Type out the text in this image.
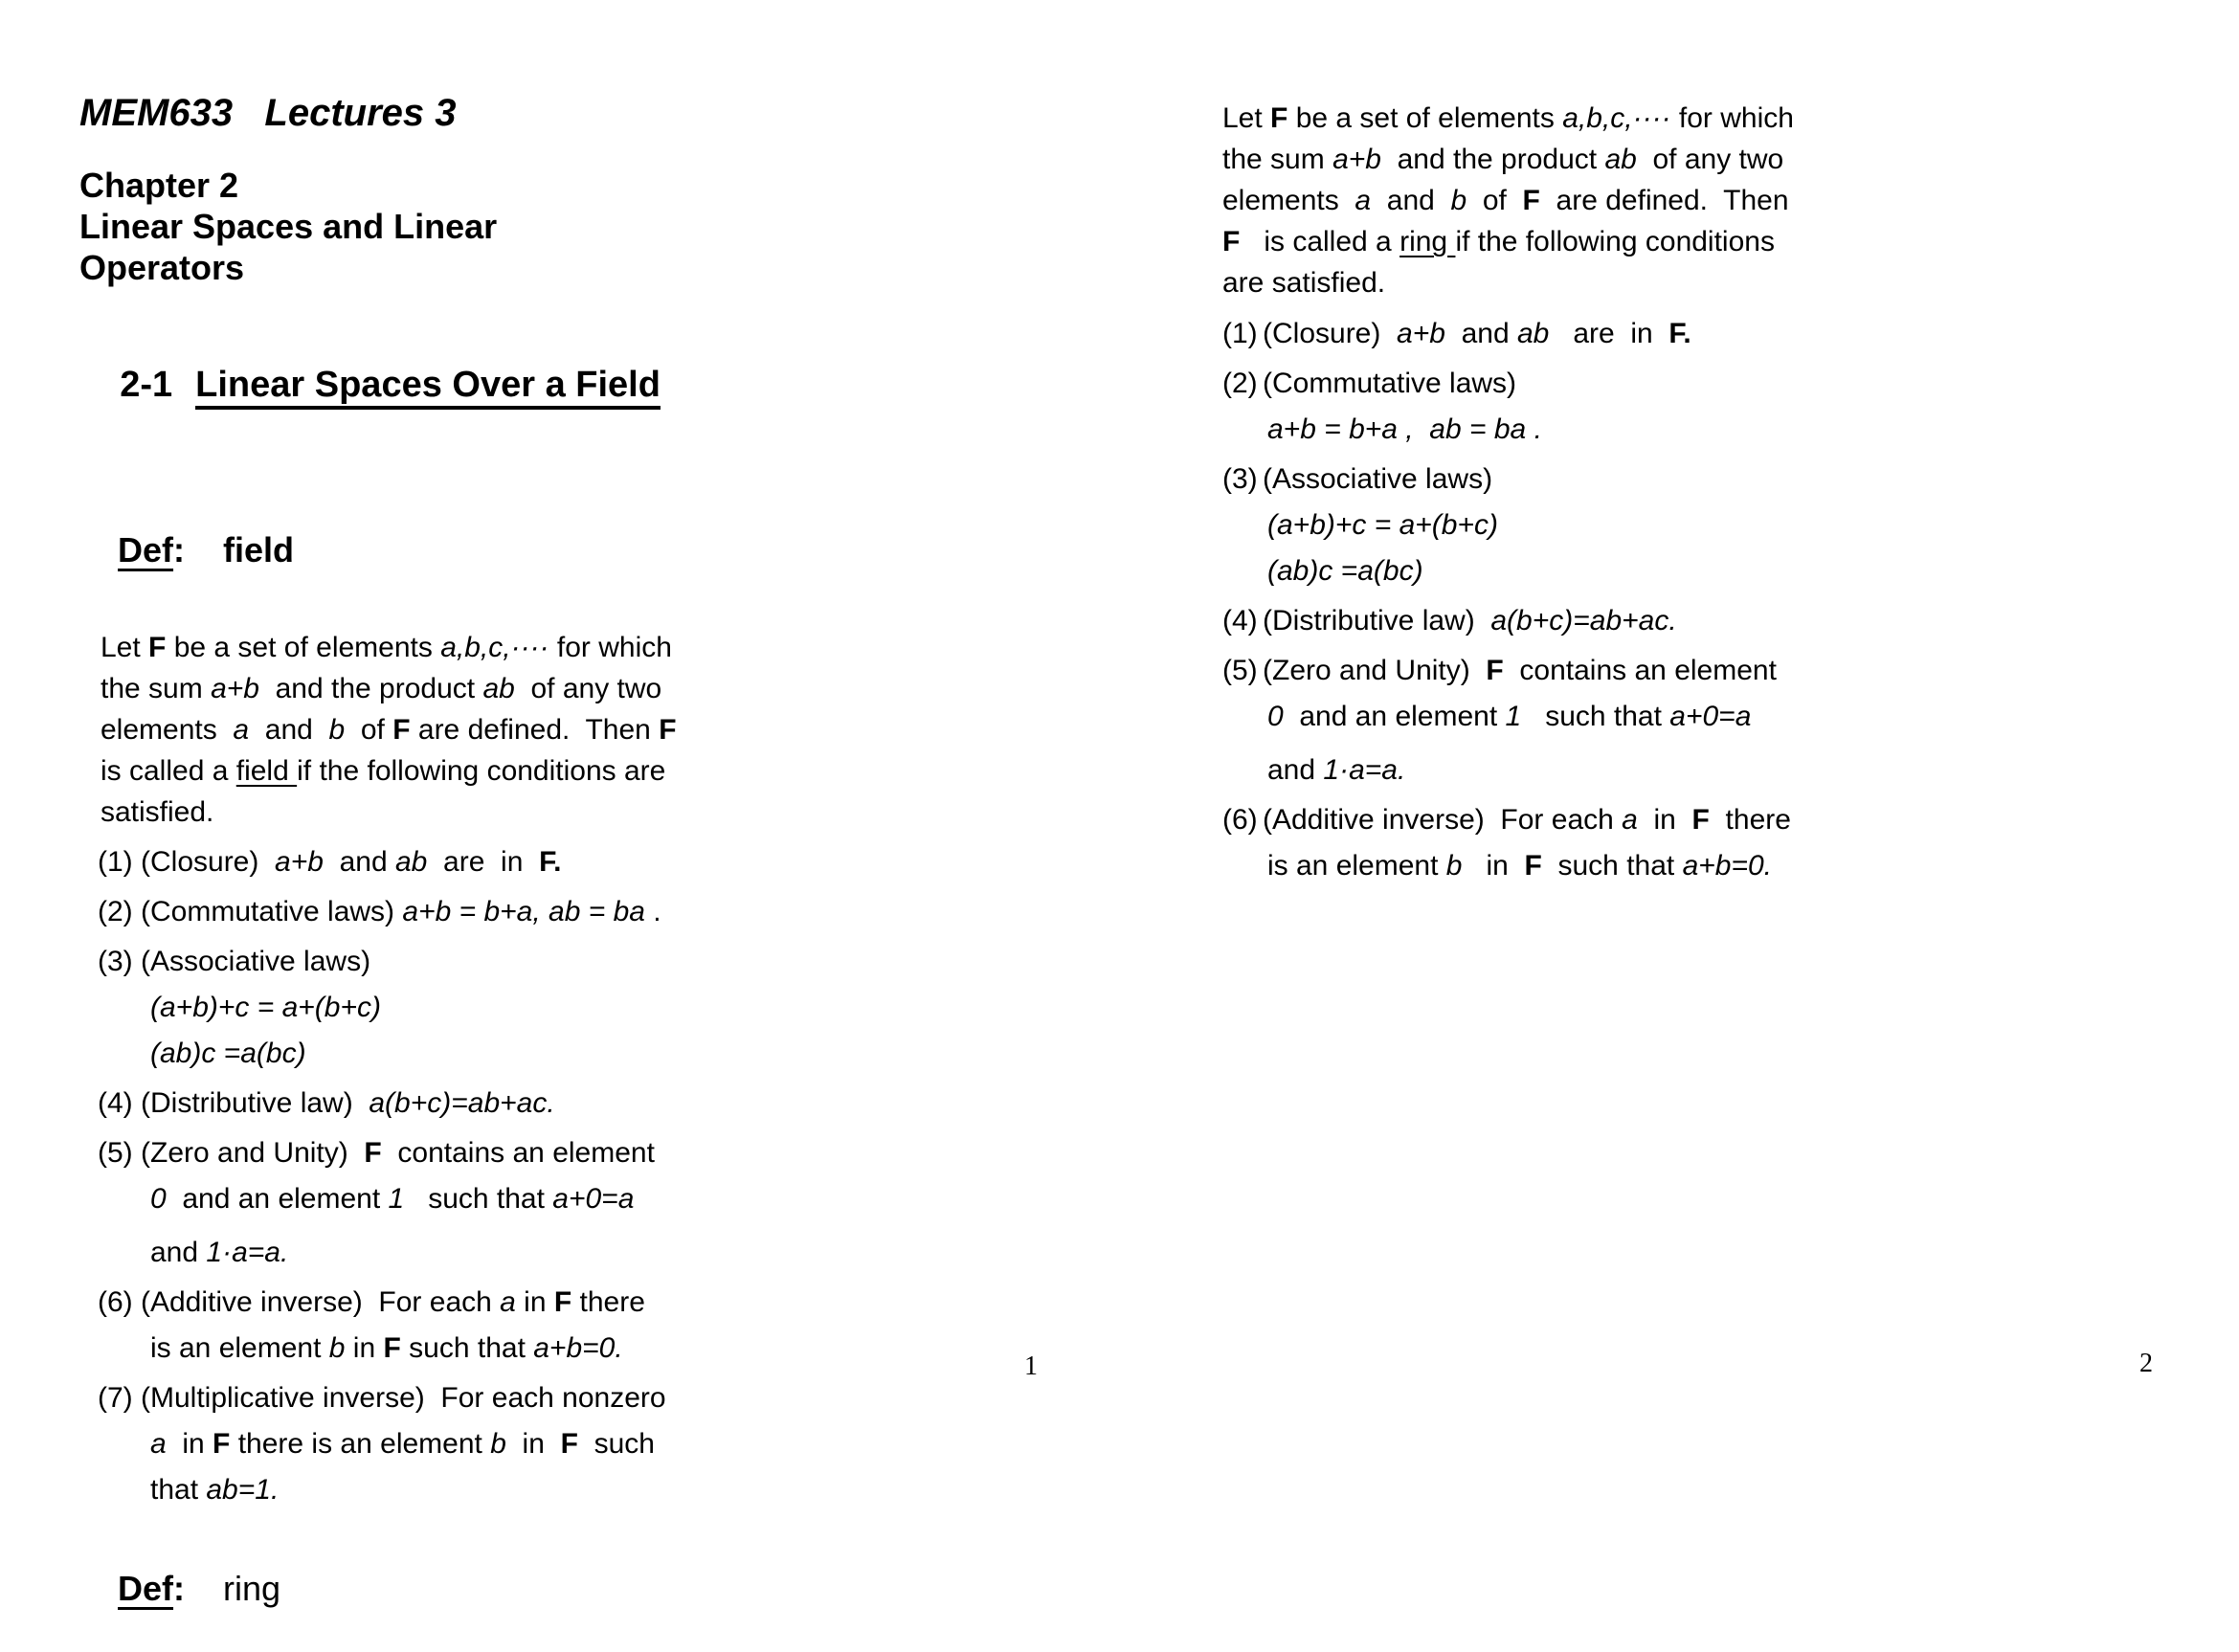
MEM633   Lectures 3
Chapter 2
Linear Spaces and Linear
Operators

2-1 Linear Spaces Over a Field

Def: field

Let F be a set of elements a,b,c,···· for which
the sum a+b  and the product ab  of any two
elements  a  and  b  of F are defined.  Then F
is called a field if the following conditions are
satisfied.
(1) (Closure)  a+b  and ab  are  in  F.
(2) (Commutative laws) a+b = b+a, ab = ba .
(3) (Associative laws)
(a+b)+c = a+(b+c)
(ab)c =a(bc)
(4) (Distributive law)  a(b+c)=ab+ac.
(5) (Zero and Unity)  F  contains an element
0  and an element 1   such that a+0=a
and 1·a=a.
(6) (Additive inverse)  For each a in F there
is an element b in F such that a+b=0.
(7) (Multiplicative inverse)  For each nonzero
a  in F there is an element b  in  F  such
that ab=1.

Def: ring

Let F be a set of elements a,b,c,···· for which
the sum a+b  and the product ab  of any two
elements  a  and  b  of  F  are defined.  Then
F   is called a ring if the following conditions
are satisfied.
(1) (Closure)  a+b  and ab   are  in  F.
(2) (Commutative laws)
a+b = b+a ,  ab = ba .
(3) (Associative laws)
(a+b)+c = a+(b+c)
(ab)c =a(bc)
(4) (Distributive law)  a(b+c)=ab+ac.
(5) (Zero and Unity)  F  contains an element
0  and an element 1   such that a+0=a
and 1·a=a.
(6) (Additive inverse)  For each a  in  F  there
is an element b   in  F  such that a+b=0.
1	2
